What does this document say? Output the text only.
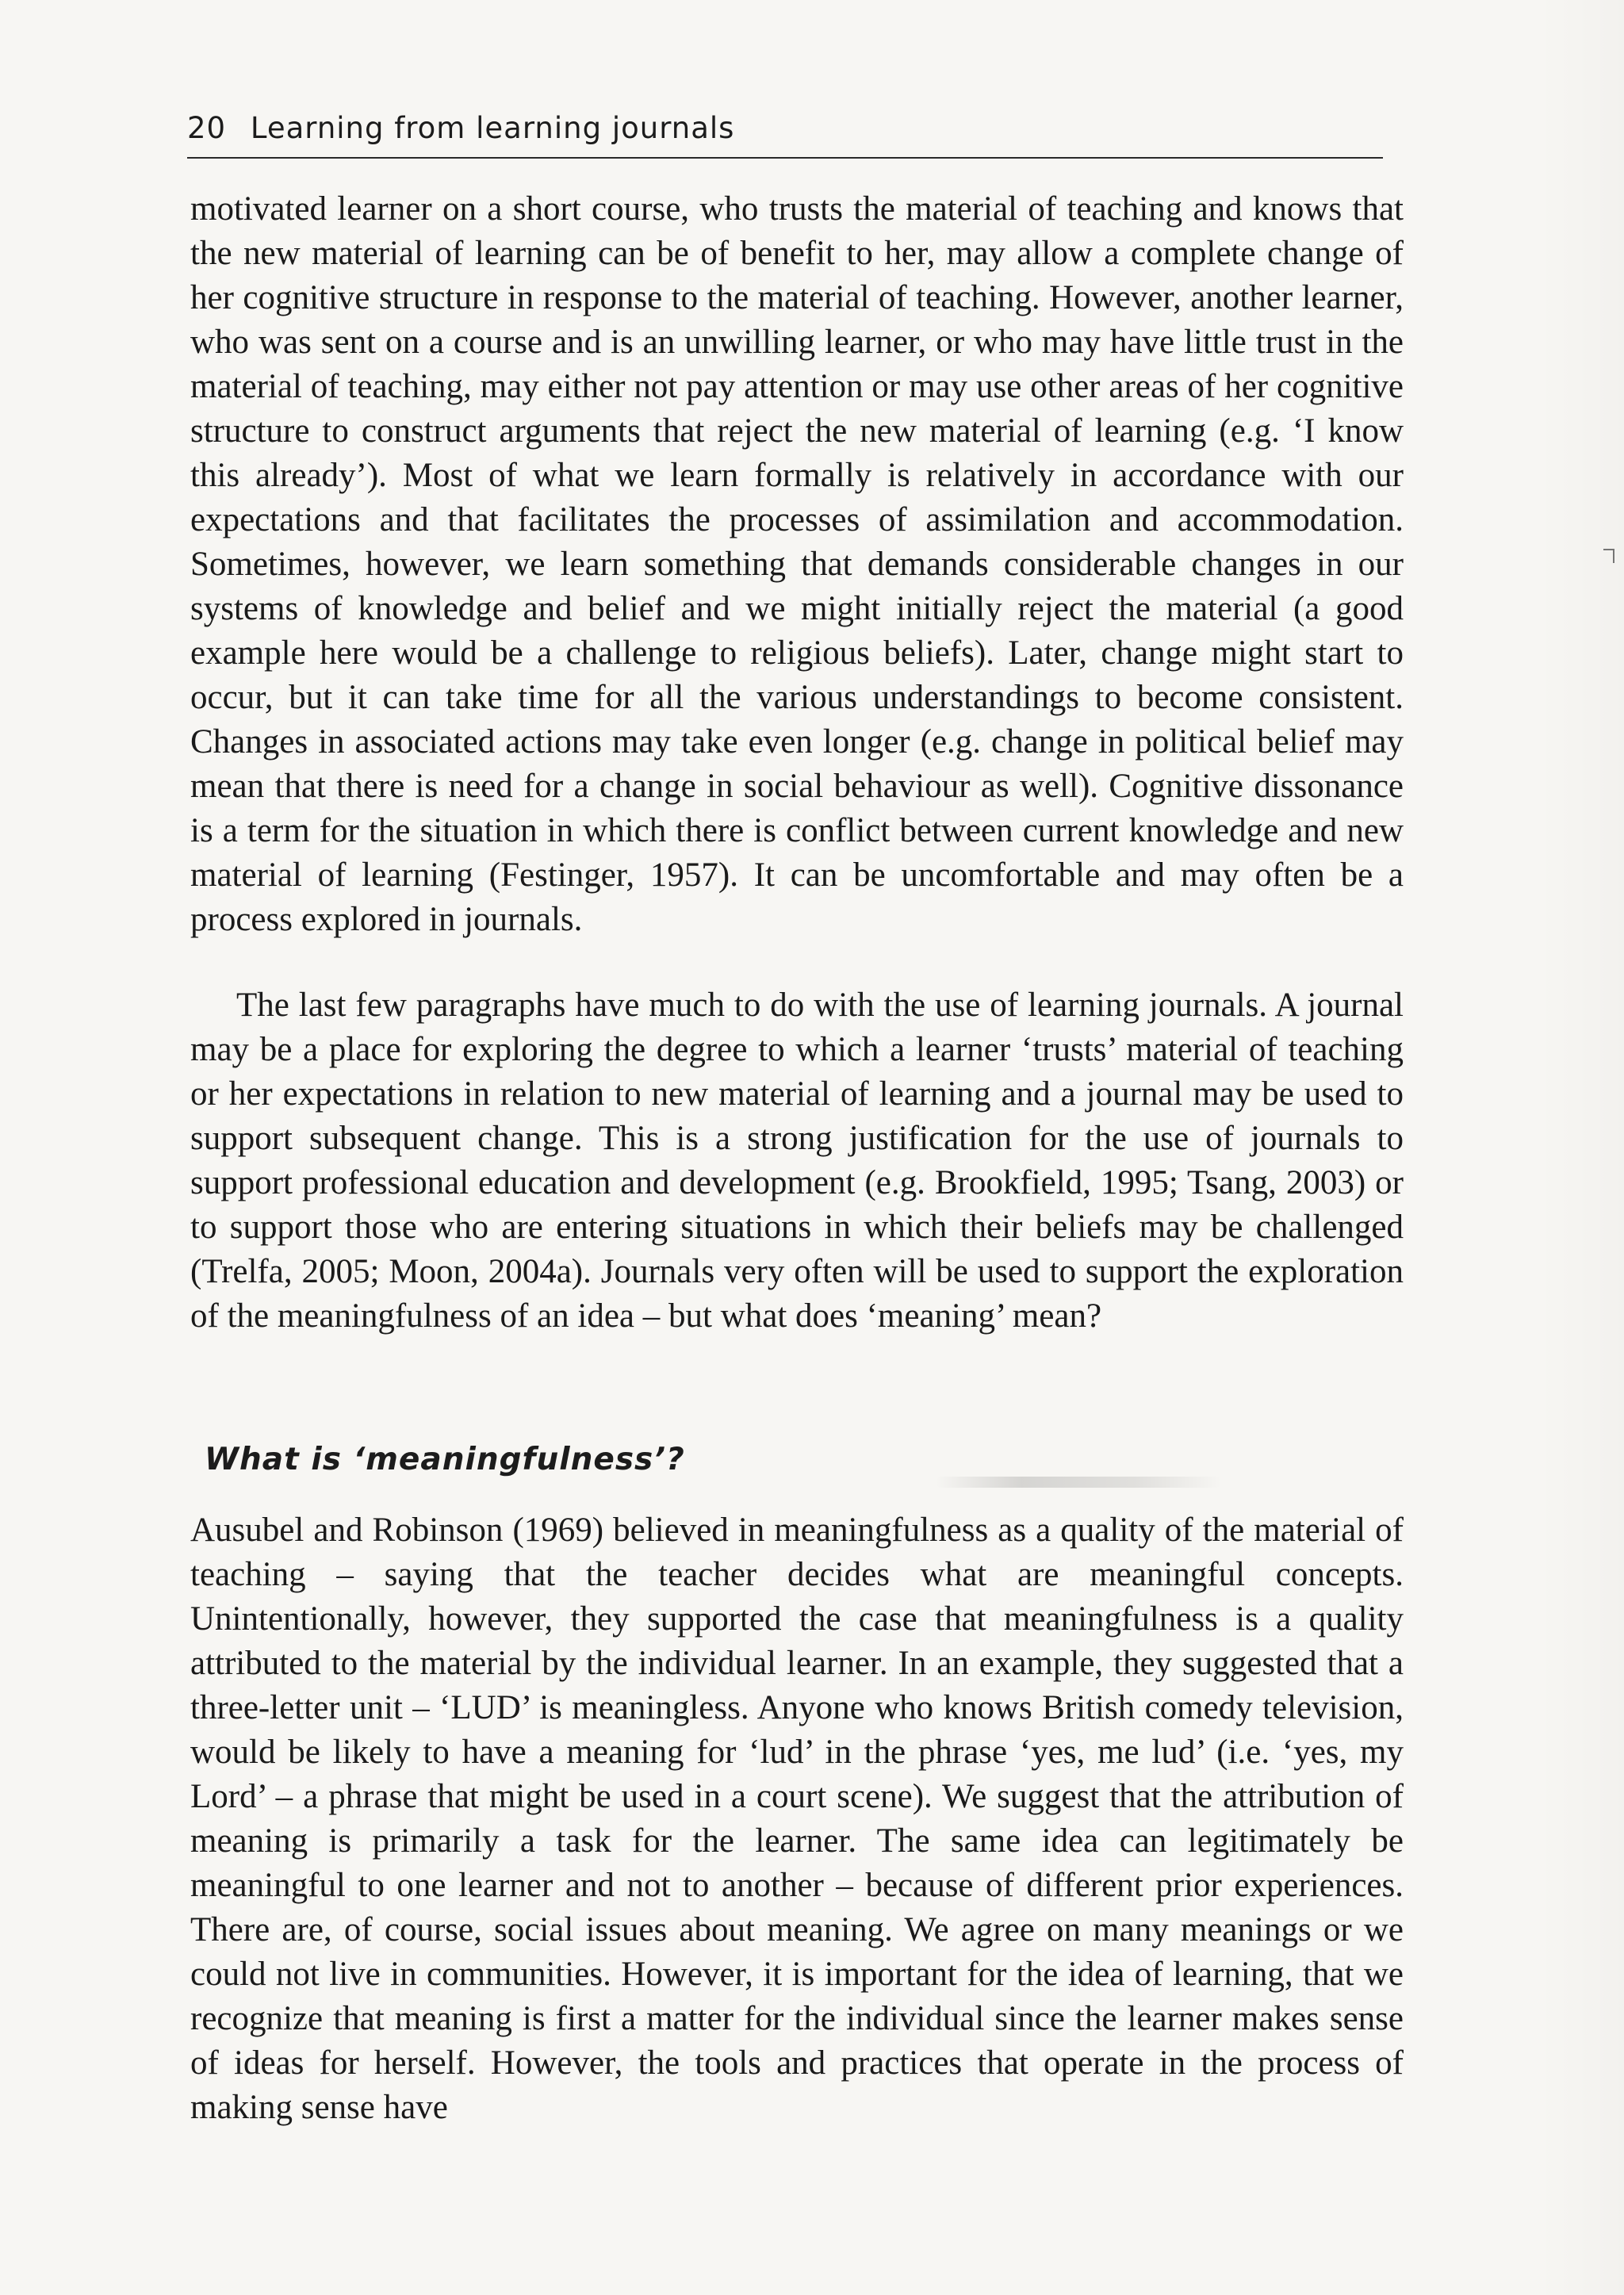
20 Learning from learning journals

motivated learner on a short course, who trusts the material of teaching and knows that the new material of learning can be of benefit to her, may allow a complete change of her cognitive structure in response to the material of teaching. However, another learner, who was sent on a course and is an unwilling learner, or who may have little trust in the material of teaching, may either not pay attention or may use other areas of her cognitive structure to construct arguments that reject the new material of learning (e.g. ‘I know this already’). Most of what we learn formally is relatively in accordance with our expectations and that facilitates the processes of assimilation and accommodation. Sometimes, however, we learn something that demands considerable changes in our systems of knowledge and belief and we might initially reject the material (a good example here would be a challenge to religious beliefs). Later, change might start to occur, but it can take time for all the various understandings to become consistent. Changes in associated actions may take even longer (e.g. change in political belief may mean that there is need for a change in social behaviour as well). Cognitive dissonance is a term for the situation in which there is conflict between current knowledge and new material of learning (Festinger, 1957). It can be uncomfortable and may often be a process explored in journals.

The last few paragraphs have much to do with the use of learning journals. A journal may be a place for exploring the degree to which a learner ‘trusts’ material of teaching or her expectations in relation to new material of learning and a journal may be used to support subsequent change. This is a strong justification for the use of journals to support professional education and development (e.g. Brookfield, 1995; Tsang, 2003) or to support those who are entering situations in which their beliefs may be challenged (Trelfa, 2005; Moon, 2004a). Journals very often will be used to support the exploration of the meaningfulness of an idea – but what does ‘meaning’ mean?

What is ‘meaningfulness’?

Ausubel and Robinson (1969) believed in meaningfulness as a quality of the material of teaching – saying that the teacher decides what are meaningful concepts. Unintentionally, however, they supported the case that meaningfulness is a quality attributed to the material by the individual learner. In an example, they suggested that a three-letter unit – ‘LUD’ is meaningless. Anyone who knows British comedy television, would be likely to have a meaning for ‘lud’ in the phrase ‘yes, me lud’ (i.e. ‘yes, my Lord’ – a phrase that might be used in a court scene). We suggest that the attribution of meaning is primarily a task for the learner. The same idea can legitimately be meaningful to one learner and not to another – because of different prior experiences. There are, of course, social issues about meaning. We agree on many meanings or we could not live in communities. However, it is important for the idea of learning, that we recognize that meaning is first a matter for the individual since the learner makes sense of ideas for herself. However, the tools and practices that operate in the process of making sense have
